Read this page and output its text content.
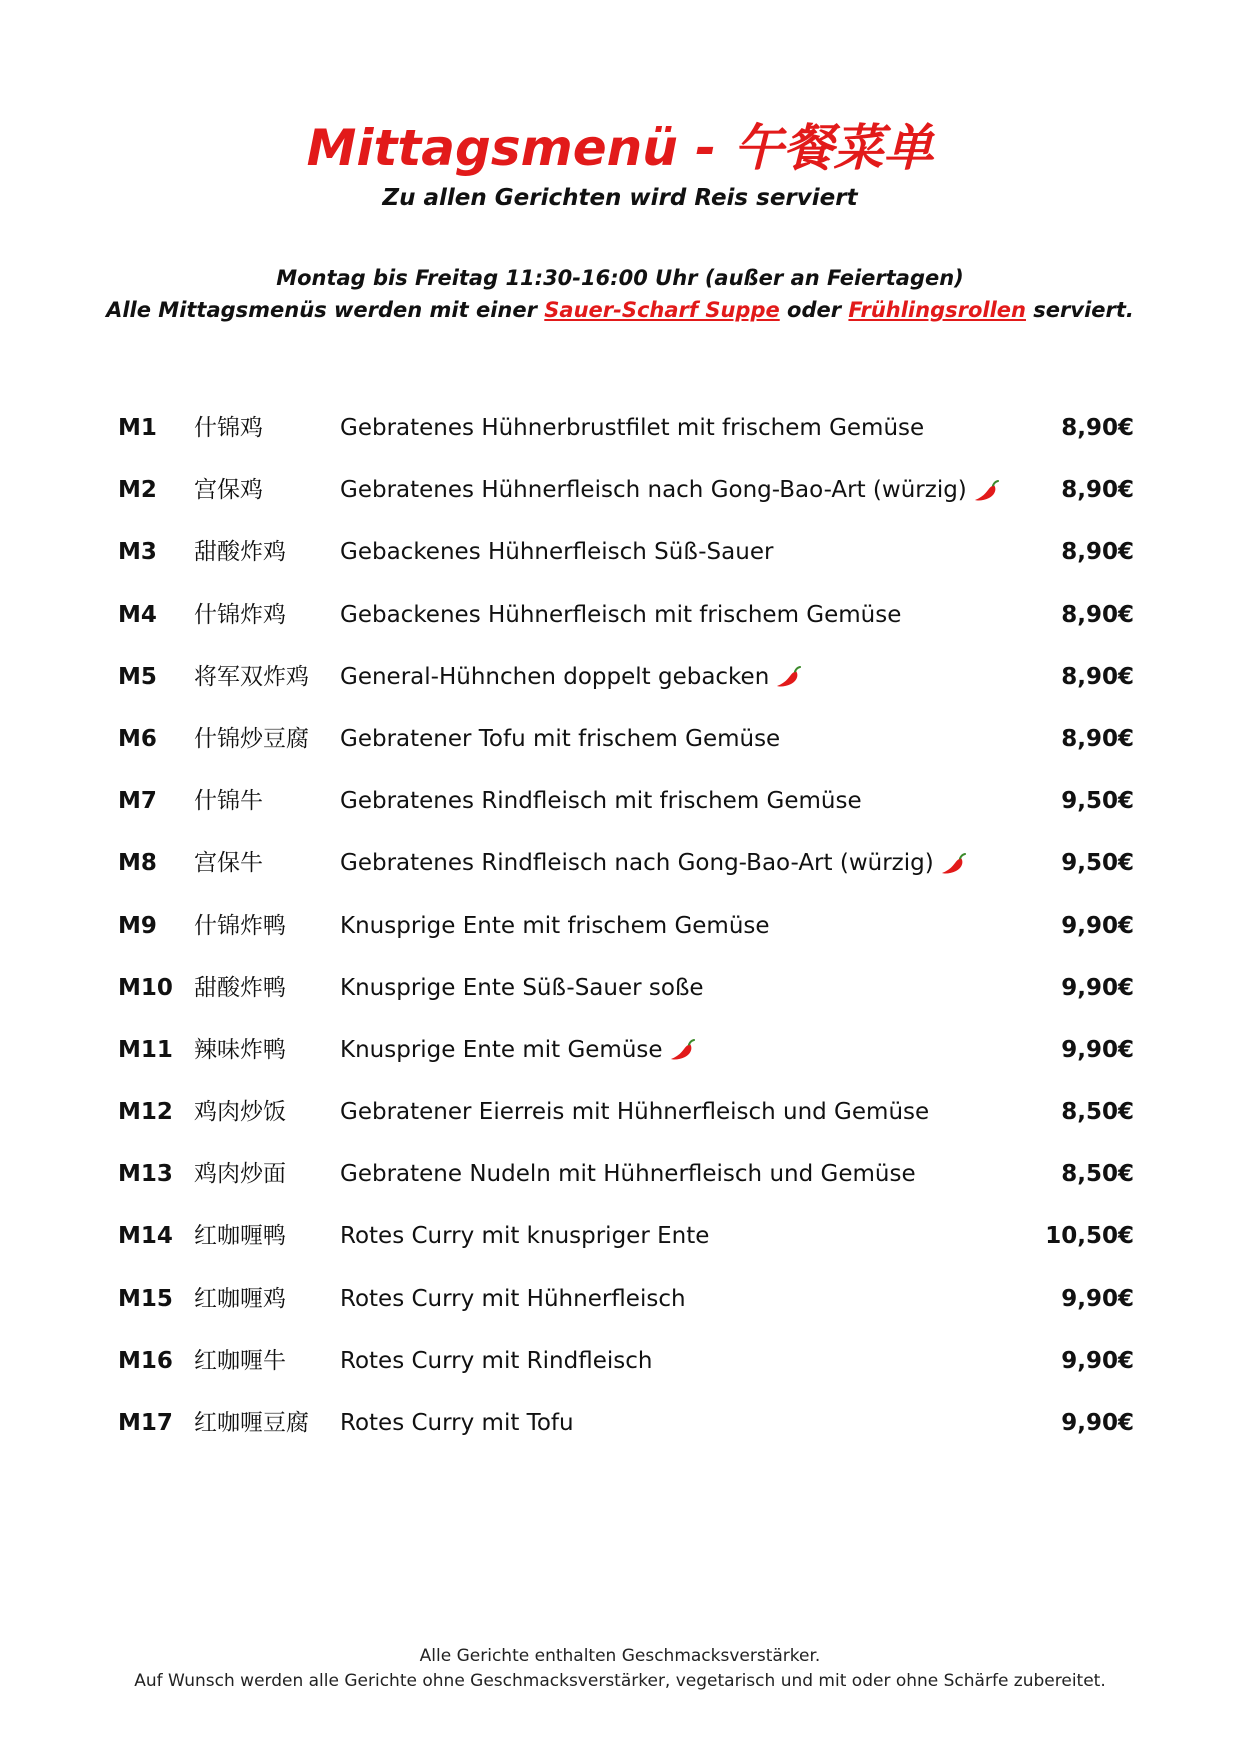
Mittagsmenü - 午餐菜单
Zu allen Gerichten wird Reis serviert
Montag bis Freitag 11:30-16:00 Uhr (außer an Feiertagen)
Alle Mittagsmenüs werden mit einer Sauer-Scharf Suppe oder Frühlingsrollen serviert.
M1 什锦鸡	Gebratenes Hühnerbrustfilet mit frischem Gemüse	8,90€
M2 宫保鸡	Gebratenes Hühnerfleisch nach Gong-Bao-Art (würzig)	8,90€
M3 甜酸炸鸡 Gebackenes Hühnerfleisch Süß-Sauer	8,90€
M4 什锦炸鸡 Gebackenes Hühnerfleisch mit frischem Gemüse	8,90€
M5 将军双炸鸡 General-Hühnchen doppelt gebacken	8,90€
M6 什锦炒豆腐 Gebratener Tofu mit frischem Gemüse	8,90€
M7 什锦牛	Gebratenes Rindfleisch mit frischem Gemüse	9,50€
M8 宫保牛	Gebratenes Rindfleisch nach Gong-Bao-Art (würzig)	9,50€
M9 什锦炸鸭 Knusprige Ente mit frischem Gemüse	9,90€
M10 甜酸炸鸭 Knusprige Ente Süß-Sauer soße	9,90€
M11 辣味炸鸭 Knusprige Ente mit Gemüse	9,90€
M12 鸡肉炒饭 Gebratener Eierreis mit Hühnerfleisch und Gemüse	8,50€
M13 鸡肉炒面 Gebratene Nudeln mit Hühnerfleisch und Gemüse	8,50€
M14 红咖喱鸭 Rotes Curry mit knuspriger Ente	10,50€
M15 红咖喱鸡 Rotes Curry mit Hühnerfleisch	9,90€
M16 红咖喱牛 Rotes Curry mit Rindfleisch	9,90€
M17 红咖喱豆腐 Rotes Curry mit Tofu	9,90€
Alle Gerichte enthalten Geschmacksverstärker.
Auf Wunsch werden alle Gerichte ohne Geschmacksverstärker, vegetarisch und mit oder ohne Schärfe zubereitet.
